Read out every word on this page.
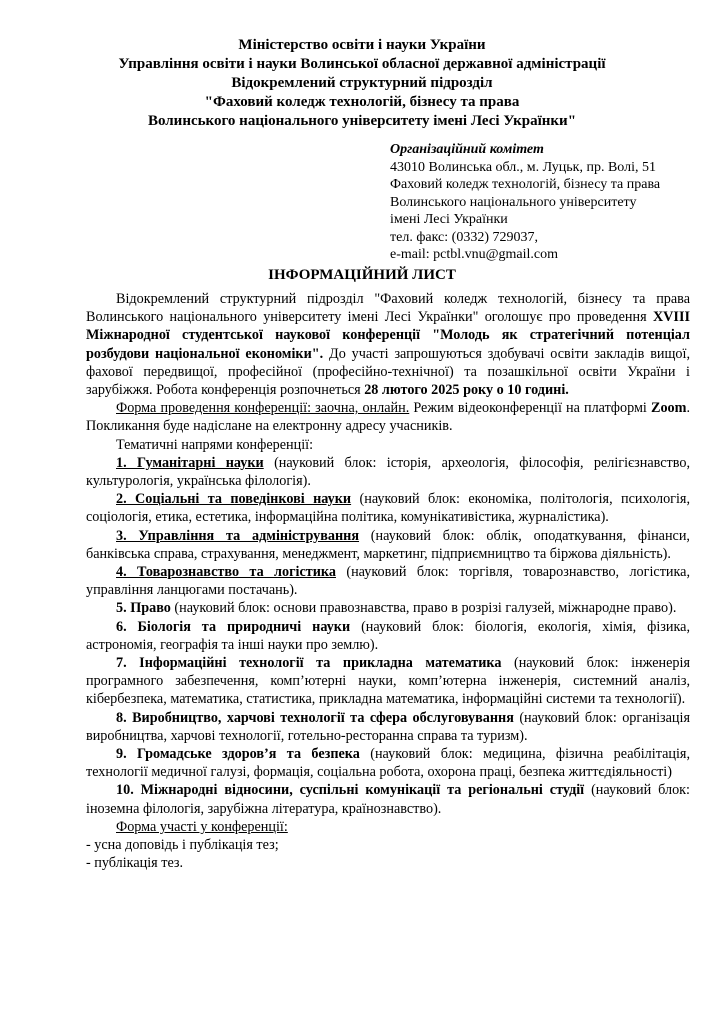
Міністерство освіти і науки України
Управління освіти і науки Волинської обласної державної адміністрації
Відокремлений структурний підрозділ
"Фаховий коледж технологій, бізнесу та права
Волинського національного університету імені Лесі Українки"
Організаційний комітет
43010 Волинська обл., м. Луцьк, пр. Волі, 51
Фаховий коледж технологій, бізнесу та права
Волинського національного університету
імені Лесі Українки
тел. факс: (0332) 729037,
e-mail: pctbl.vnu@gmail.com
ІНФОРМАЦІЙНИЙ ЛИСТ

Відокремлений структурний підрозділ "Фаховий коледж технологій, бізнесу та права Волинського національного університету імені Лесі Українки" оголошує про проведення XVIII Міжнародної студентської наукової конференції "Молодь як стратегічний потенціал розбудови національної економіки". До участі запрошуються здобувачі освіти закладів вищої, фахової передвищої, професійної (професійно-технічної) та позашкільної освіти України і зарубіжжя. Робота конференція розпочнеться 28 лютого 2025 року о 10 годині.

Форма проведення конференції: заочна, онлайн. Режим відеоконференції на платформі Zoom. Покликання буде надіслане на електронну адресу учасників.

Тематичні напрями конференції:

1. Гуманітарні науки (науковий блок: історія, археологія, філософія, релігієзнавство, культурологія, українська філологія).

2. Соціальні та поведінкові науки (науковий блок: економіка, політологія, психологія, соціологія, етика, естетика, інформаційна політика, комунікативістика, журналістика).

3. Управління та адміністрування (науковий блок: облік, оподаткування, фінанси, банківська справа, страхування, менеджмент, маркетинг, підприємництво та біржова діяльність).

4. Товарознавство та логістика (науковий блок: торгівля, товарознавство, логістика, управління ланцюгами постачань).

5. Право (науковий блок: основи правознавства, право в розрізі галузей, міжнародне право).

6. Біологія та природничі науки (науковий блок: біологія, екологія, хімія, фізика, астрономія, географія та інші науки про землю).

7. Інформаційні технології та прикладна математика (науковий блок: інженерія програмного забезпечення, комп’ютерні науки, комп’ютерна інженерія, системний аналіз, кібербезпека, математика, статистика, прикладна математика, інформаційні системи та технології).

8. Виробництво, харчові технології та сфера обслуговування (науковий блок: організація виробництва, харчові технології, готельно-ресторанна справа та туризм).

9. Громадське здоров’я та безпека (науковий блок: медицина, фізична реабілітація, технології медичної галузі, формація, соціальна робота, охорона праці, безпека життєдіяльності)

10. Міжнародні відносини, суспільні комунікації та регіональні студії (науковий блок: іноземна філологія, зарубіжна література, країнознавство).

Форма участі у конференції:

- усна доповідь і публікація тез;

- публікація тез.
